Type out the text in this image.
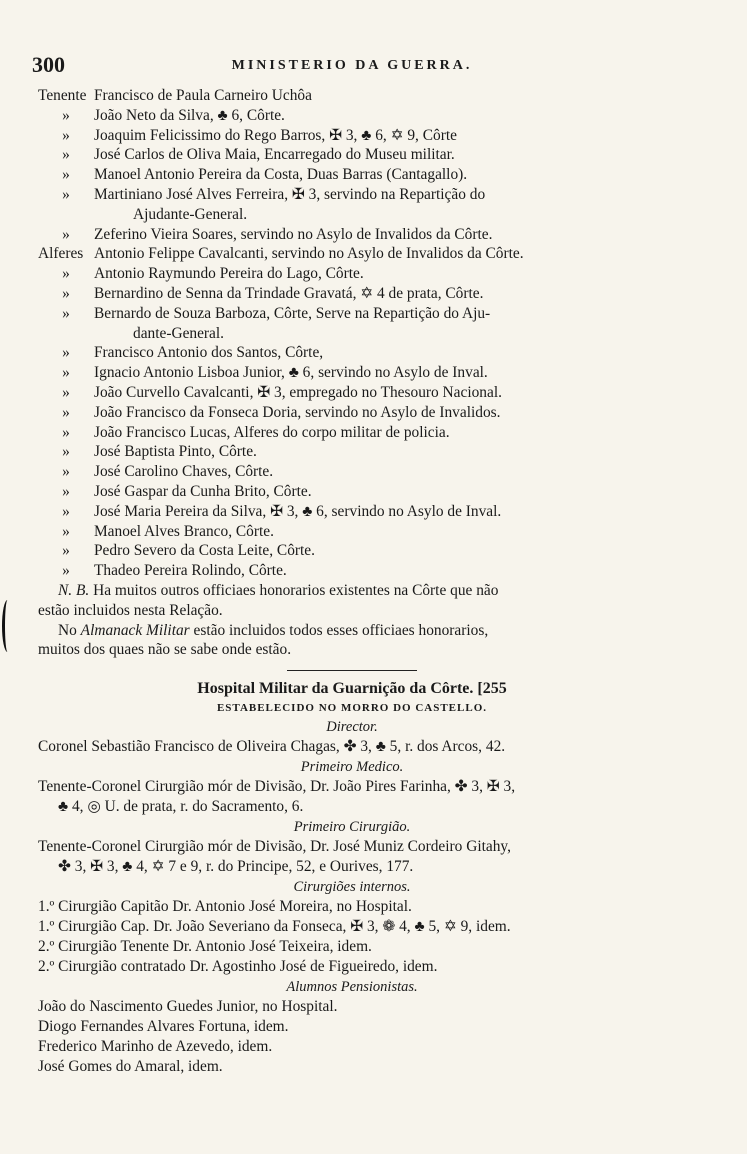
300	MINISTERIO DA GUERRA.
Tenente Francisco de Paula Carneiro Uchôa
»	João Neto da Silva, ♣ 6, Côrte.
»	Joaquim Felicissimo do Rego Barros, ✠ 3, ♣ 6, ✡ 9, Côrte
»	José Carlos de Oliva Maia, Encarregado do Museu militar.
»	Manoel Antonio Pereira da Costa, Duas Barras (Cantagallo).
»	Martiniano José Alves Ferreira, ✠ 3, servindo na Repartição do
Ajudante-General.
»	Zeferino Vieira Soares, servindo no Asylo de Invalidos da Côrte.
Alferes Antonio Felippe Cavalcanti, servindo no Asylo de Invalidos da Côrte.
»	Antonio Raymundo Pereira do Lago, Côrte.
»	Bernardino de Senna da Trindade Gravatá, ✡ 4 de prata, Côrte.
»	Bernardo de Souza Barboza, Côrte, Serve na Repartição do Aju-
dante-General.
»	Francisco Antonio dos Santos, Côrte,
»	Ignacio Antonio Lisboa Junior, ♣ 6, servindo no Asylo de Inval.
»	João Curvello Cavalcanti, ✠ 3, empregado no Thesouro Nacional.
»	João Francisco da Fonseca Doria, servindo no Asylo de Invalidos.
»	João Francisco Lucas, Alferes do corpo militar de policia.
»	José Baptista Pinto, Côrte.
»	José Carolino Chaves, Côrte.
»	José Gaspar da Cunha Brito, Côrte.
»	José Maria Pereira da Silva, ✠ 3, ♣ 6, servindo no Asylo de Inval.
»	Manoel Alves Branco, Côrte.
»	Pedro Severo da Costa Leite, Côrte.
»	Thadeo Pereira Rolindo, Côrte.
N. B. Ha muitos outros officiaes honorarios existentes na Côrte que não
estão incluidos nesta Relação.
No Almanack Militar estão incluidos todos esses officiaes honorarios,
muitos dos quaes não se sabe onde estão.
Hospital Militar da Guarnição da Côrte. [255
ESTABELECIDO NO MORRO DO CASTELLO.
Director.
Coronel Sebastião Francisco de Oliveira Chagas, ✤ 3, ♣ 5, r. dos Arcos, 42.
Primeiro Medico.
Tenente-Coronel Cirurgião mór de Divisão, Dr. João Pires Farinha, ✤ 3, ✠ 3,
♣ 4, ◎ U. de prata, r. do Sacramento, 6.
Primeiro Cirurgião.
Tenente-Coronel Cirurgião mór de Divisão, Dr. José Muniz Cordeiro Gitahy,
✤ 3, ✠ 3, ♣ 4, ✡ 7 e 9, r. do Principe, 52, e Ourives, 177.
Cirurgiões internos.
1.º Cirurgião Capitão Dr. Antonio José Moreira, no Hospital.
1.º Cirurgião Cap. Dr. João Severiano da Fonseca, ✠ 3, ❁ 4, ♣ 5, ✡ 9, idem.
2.º Cirurgião Tenente Dr. Antonio José Teixeira, idem.
2.º Cirurgião contratado Dr. Agostinho José de Figueiredo, idem.
Alumnos Pensionistas.
João do Nascimento Guedes Junior, no Hospital.
Diogo Fernandes Alvares Fortuna, idem.
Frederico Marinho de Azevedo, idem.
José Gomes do Amaral, idem.
